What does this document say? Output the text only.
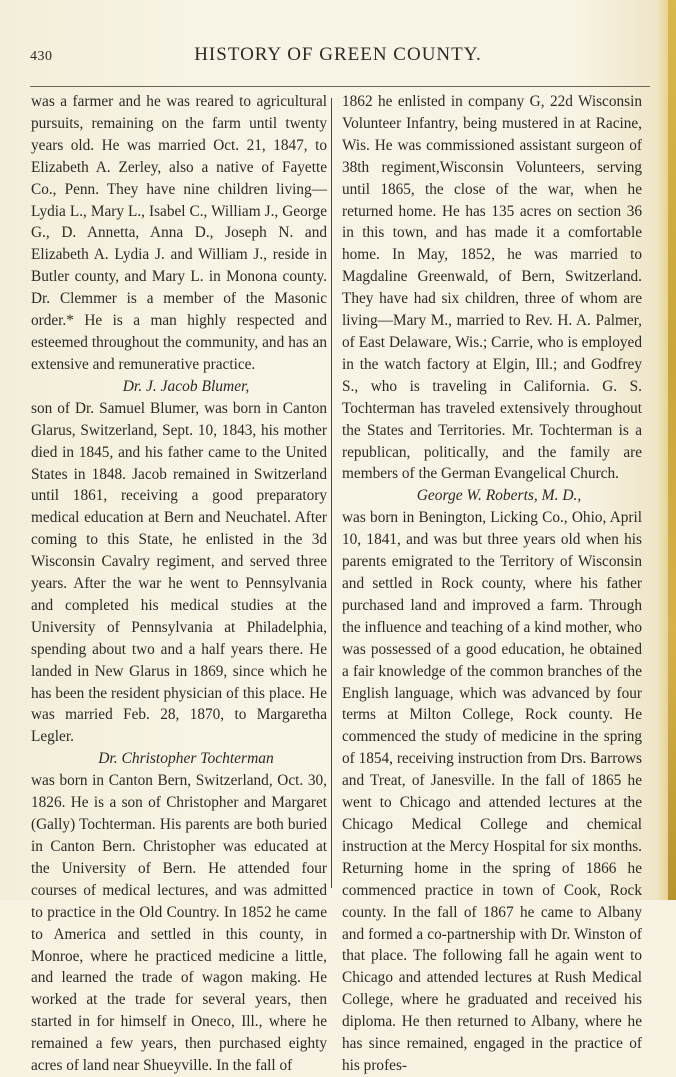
430	HISTORY OF GREEN COUNTY.

was a farmer and he was reared to agricultural pursuits, remaining on the farm until twenty years old. He was married Oct. 21, 1847, to Elizabeth A. Zerley, also a native of Fayette Co., Penn. They have nine children living—Lydia L., Mary L., Isabel C., William J., George G., D. Annetta, Anna D., Joseph N. and Elizabeth A. Lydia J. and William J., reside in Butler county, and Mary L. in Monona county. Dr. Clemmer is a member of the Masonic order.* He is a man highly respected and esteemed throughout the community, and has an extensive and remunerative practice.

Dr. J. Jacob Blumer,

son of Dr. Samuel Blumer, was born in Canton Glarus, Switzerland, Sept. 10, 1843, his mother died in 1845, and his father came to the United States in 1848. Jacob remained in Switzerland until 1861, receiving a good preparatory medical education at Bern and Neuchatel. After coming to this State, he enlisted in the 3d Wisconsin Cavalry regiment, and served three years. After the war he went to Pennsylvania and completed his medical studies at the University of Pennsylvania at Philadelphia, spending about two and a half years there. He landed in New Glarus in 1869, since which he has been the resident physician of this place. He was married Feb. 28, 1870, to Margaretha Legler.

Dr. Christopher Tochterman

was born in Canton Bern, Switzerland, Oct. 30, 1826. He is a son of Christopher and Margaret (Gally) Tochterman. His parents are both buried in Canton Bern. Christopher was educated at the University of Bern. He attended four courses of medical lectures, and was admitted to practice in the Old Country. In 1852 he came to America and settled in this county, in Monroe, where he practiced medicine a little, and learned the trade of wagon making. He worked at the trade for several years, then started in for himself in Oneco, Ill., where he remained a few years, then purchased eighty acres of land near Shueyville. In the fall of

1862 he enlisted in company G, 22d Wisconsin Volunteer Infantry, being mustered in at Racine, Wis. He was commissioned assistant surgeon of 38th regiment,Wisconsin Volunteers, serving until 1865, the close of the war, when he returned home. He has 135 acres on section 36 in this town, and has made it a comfortable home. In May, 1852, he was married to Magdaline Greenwald, of Bern, Switzerland. They have had six children, three of whom are living—Mary M., married to Rev. H. A. Palmer, of East Delaware, Wis.; Carrie, who is employed in the watch factory at Elgin, Ill.; and Godfrey S., who is traveling in California. G. S. Tochterman has traveled extensively throughout the States and Territories. Mr. Tochterman is a republican, politically, and the family are members of the German Evangelical Church.

George W. Roberts, M. D.,

was born in Benington, Licking Co., Ohio, April 10, 1841, and was but three years old when his parents emigrated to the Territory of Wisconsin and settled in Rock county, where his father purchased land and improved a farm. Through the influence and teaching of a kind mother, who was possessed of a good education, he obtained a fair knowledge of the common branches of the English language, which was advanced by four terms at Milton College, Rock county. He commenced the study of medicine in the spring of 1854, receiving instruction from Drs. Barrows and Treat, of Janesville. In the fall of 1865 he went to Chicago and attended lectures at the Chicago Medical College and chemical instruction at the Mercy Hospital for six months. Returning home in the spring of 1866 he commenced practice in town of Cook, Rock county. In the fall of 1867 he came to Albany and formed a co-partnership with Dr. Winston of that place. The following fall he again went to Chicago and attended lectures at Rush Medical College, where he graduated and received his diploma. He then returned to Albany, where he has since remained, engaged in the practice of his profes-
